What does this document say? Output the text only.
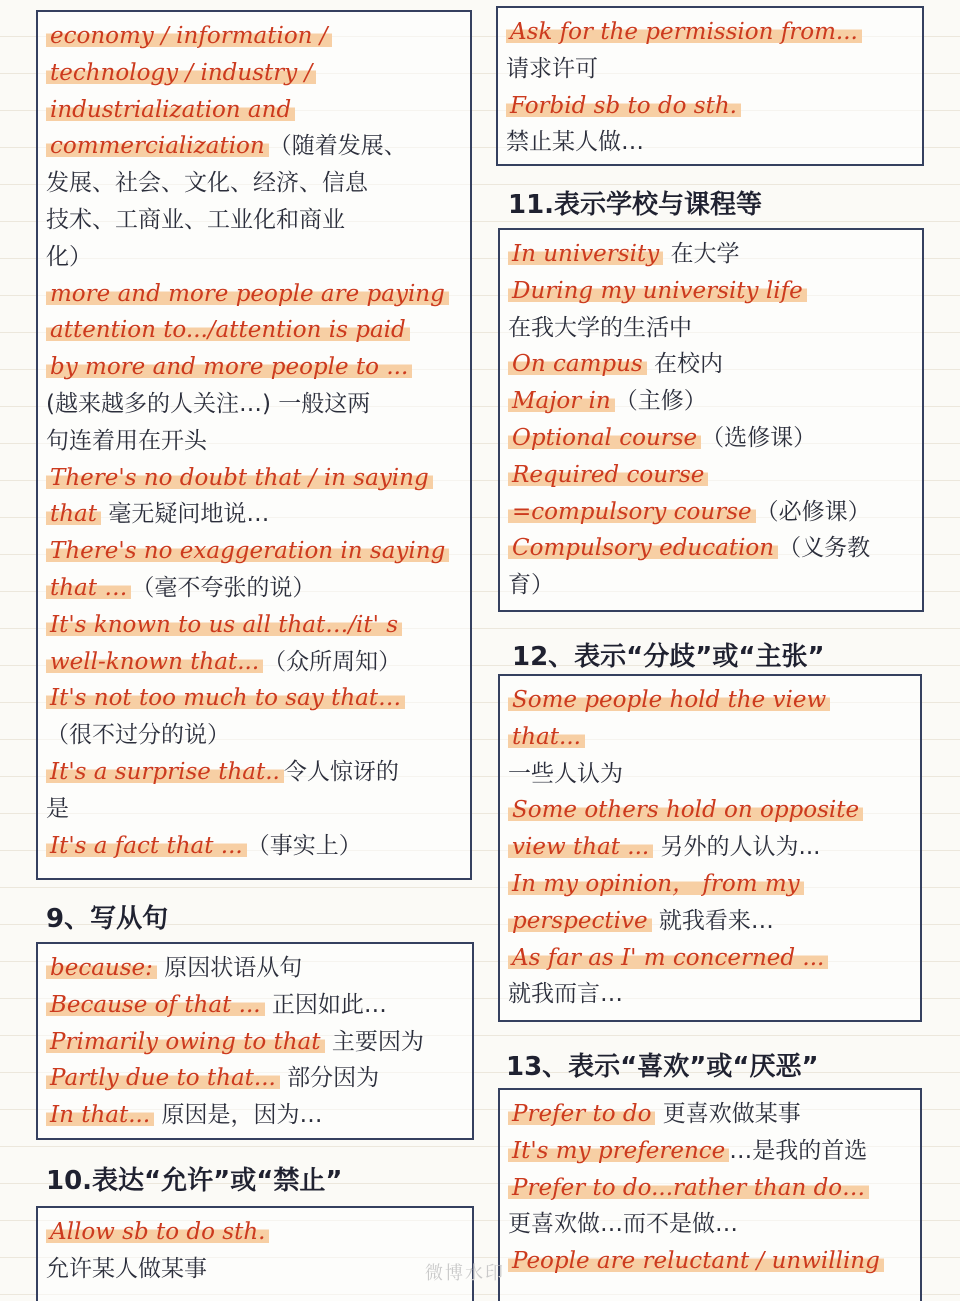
economy / information /
technology / industry /
industrialization and
commercialization （随着发展、
发展、社会、文化、经济、信息
技术、工商业、工业化和商业
化）
more and more people are paying
attention to.../attention is paid
by more and more people to ...
(越来越多的人关注…) 一般这两
句连着用在开头
There's no doubt that / in saying
that 毫无疑问地说…
There's no exaggeration in saying
that … （毫不夸张的说）
It's known to us all that…/it' s
well-known that... （众所周知）
It's not too much to say that…
（很不过分的说）
It's a surprise that.. 令人惊讶的
是
It's a fact that ... （事实上）
9、写从句
because: 原因状语从句
Because of that ... 正因如此…
Primarily owing to that 主要因为
Partly due to that... 部分因为
In that... 原因是，因为…
10.表达“允许”或“禁止”
Allow sb to do sth.
允许某人做某事
Ask for the permission from...
请求许可
Forbid sb to do sth.
禁止某人做…
11.表示学校与课程等
In university 在大学
During my university life
在我大学的生活中
On campus 在校内
Major in （主修）
Optional course （选修课）
Required course
=compulsory course （必修课）
Compulsory education （义务教
育）
12、表示“分歧”或“主张”
Some people hold the view
that...
一些人认为
Some others hold on opposite
view that ... 另外的人认为...
In my opinion， from my
perspective 就我看来…
As far as I' m concerned ...
就我而言…
13、表示“喜欢”或“厌恶”
Prefer to do 更喜欢做某事
It's my preference …是我的首选
Prefer to do...rather than do…
更喜欢做…而不是做…
People are reluctant / unwilling
微博水印
